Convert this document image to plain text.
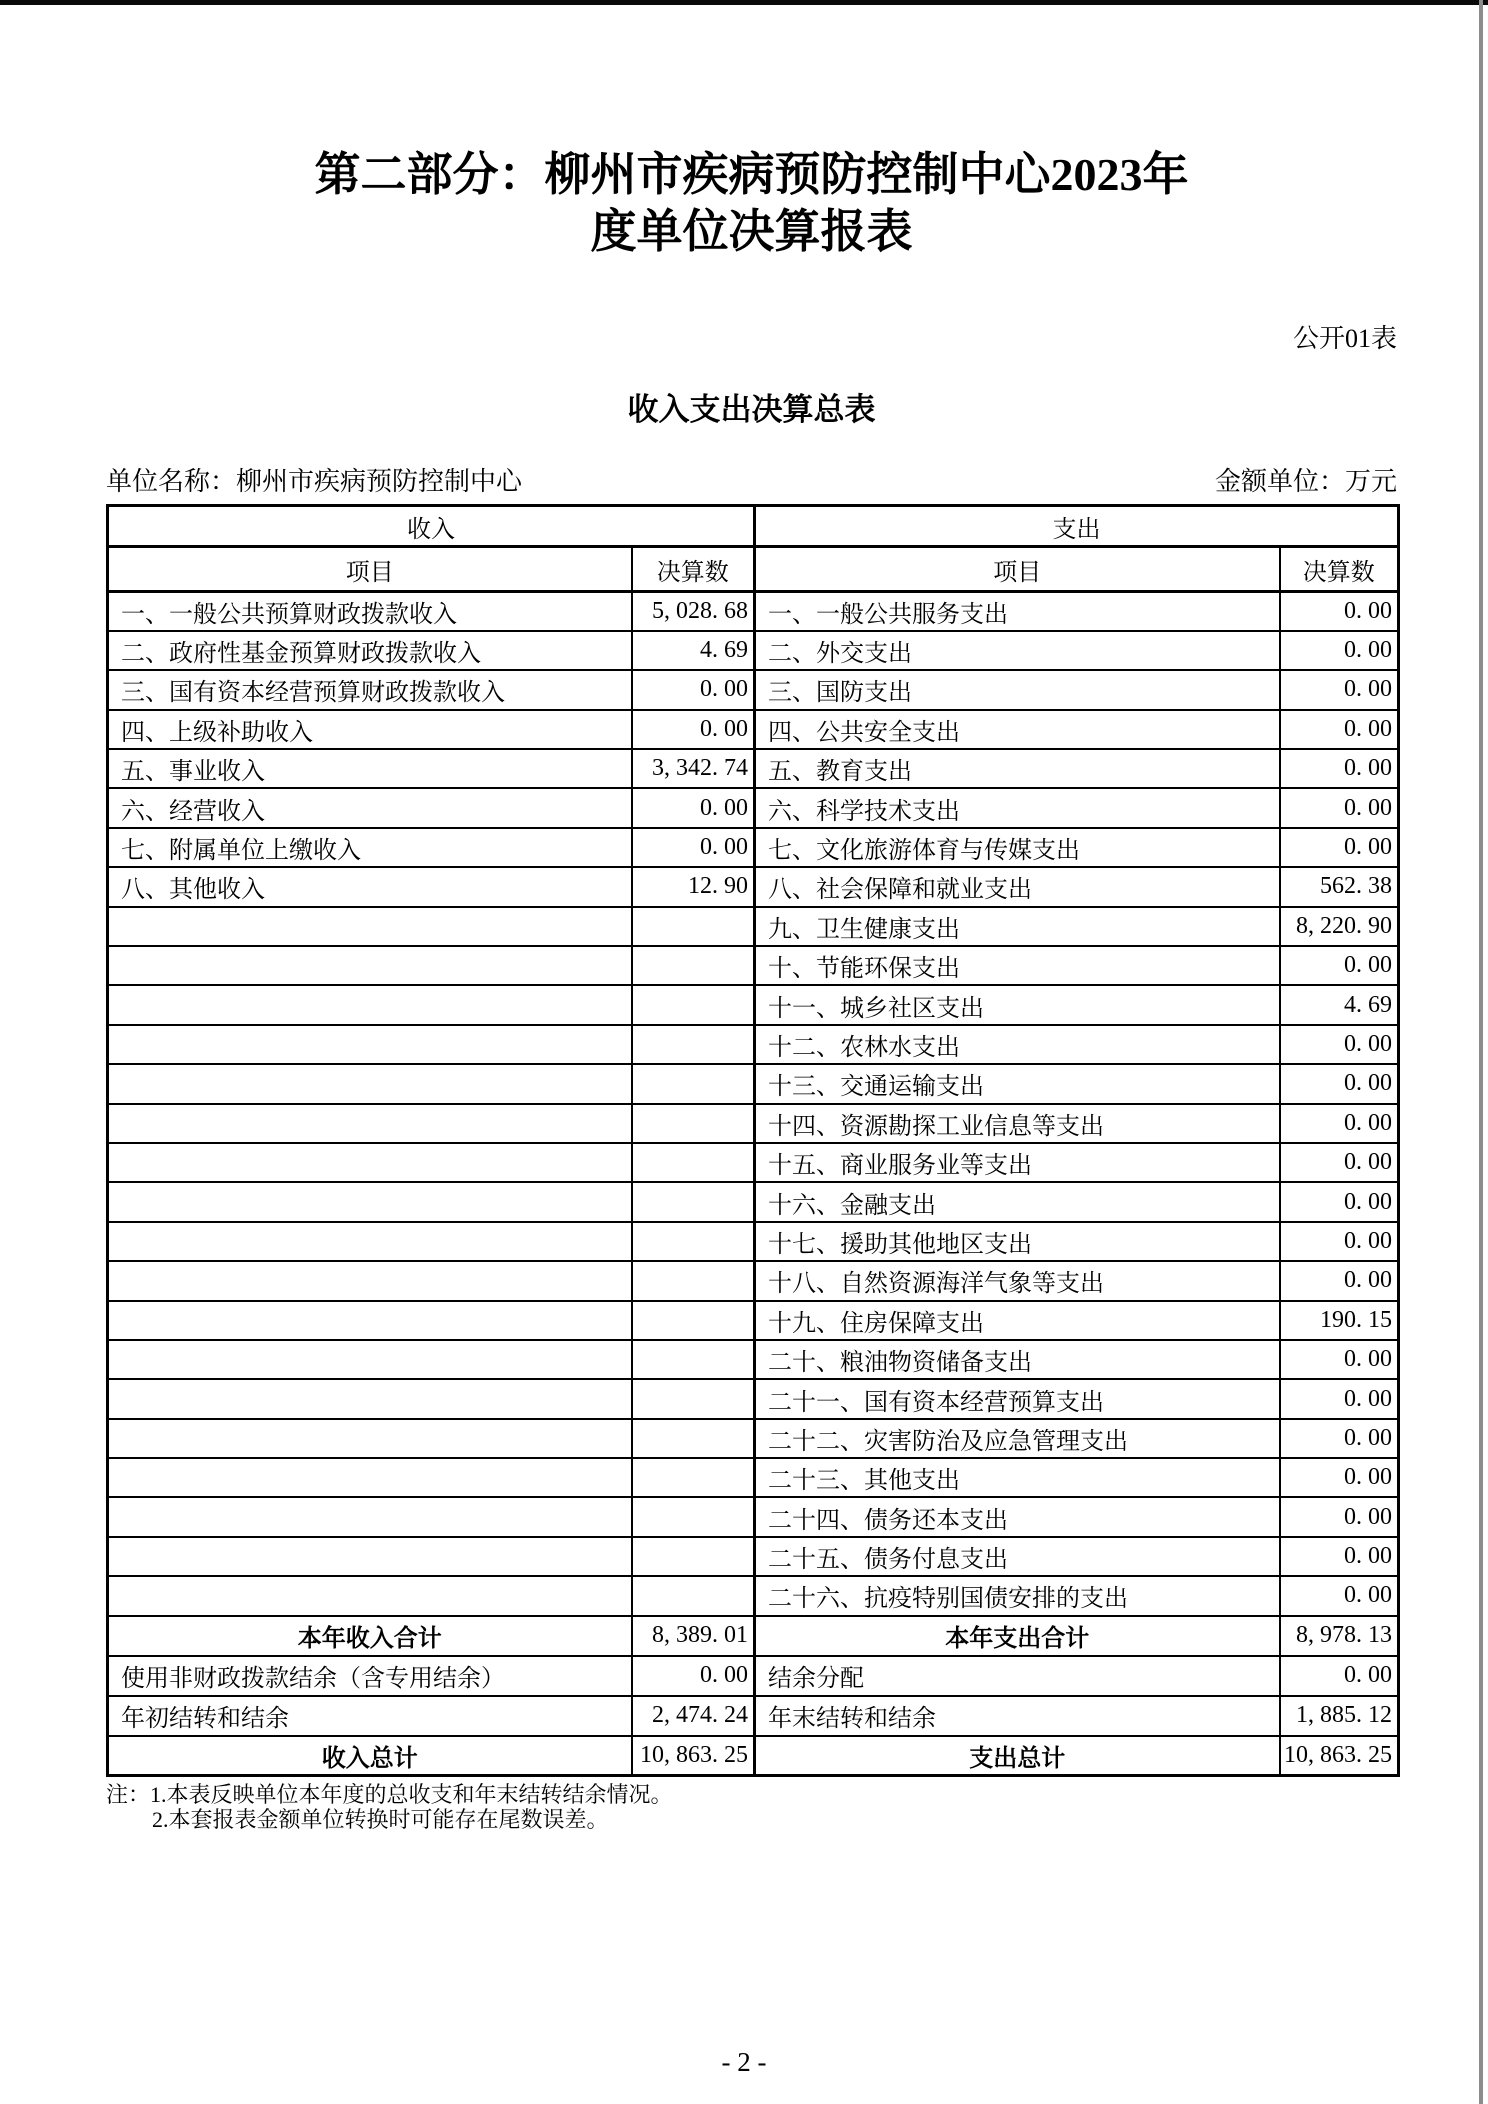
第二部分：柳州市疾病预防控制中心2023年
度单位决算报表
公开01表
收入支出决算总表
单位名称：柳州市疾病预防控制中心	金额单位：万元
收入		支出	
项目	决算数	项目	决算数
一、一般公共预算财政拨款收入	5, 028. 68	一、一般公共服务支出	0. 00
二、政府性基金预算财政拨款收入	4. 69	二、外交支出	0. 00
三、国有资本经营预算财政拨款收入	0. 00	三、国防支出	0. 00
四、上级补助收入	0. 00	四、公共安全支出	0. 00
五、事业收入	3, 342. 74	五、教育支出	0. 00
六、经营收入	0. 00	六、科学技术支出	0. 00
七、附属单位上缴收入	0. 00	七、文化旅游体育与传媒支出	0. 00
八、其他收入	12. 90	八、社会保障和就业支出	562. 38
		九、卫生健康支出	8, 220. 90
		十、节能环保支出	0. 00
		十一、城乡社区支出	4. 69
		十二、农林水支出	0. 00
		十三、交通运输支出	0. 00
		十四、资源勘探工业信息等支出	0. 00
		十五、商业服务业等支出	0. 00
		十六、金融支出	0. 00
		十七、援助其他地区支出	0. 00
		十八、自然资源海洋气象等支出	0. 00
		十九、住房保障支出	190. 15
		二十、粮油物资储备支出	0. 00
		二十一、国有资本经营预算支出	0. 00
		二十二、灾害防治及应急管理支出	0. 00
		二十三、其他支出	0. 00
		二十四、债务还本支出	0. 00
		二十五、债务付息支出	0. 00
		二十六、抗疫特别国债安排的支出	0. 00
本年收入合计	8, 389. 01	本年支出合计	8, 978. 13
使用非财政拨款结余（含专用结余）	0. 00	结余分配	0. 00
年初结转和结余	2, 474. 24	年末结转和结余	1, 885. 12
收入总计	10, 863. 25	支出总计	10, 863. 25
注：1.本表反映单位本年度的总收支和年末结转结余情况。
2.本套报表金额单位转换时可能存在尾数误差。
- 2 -
